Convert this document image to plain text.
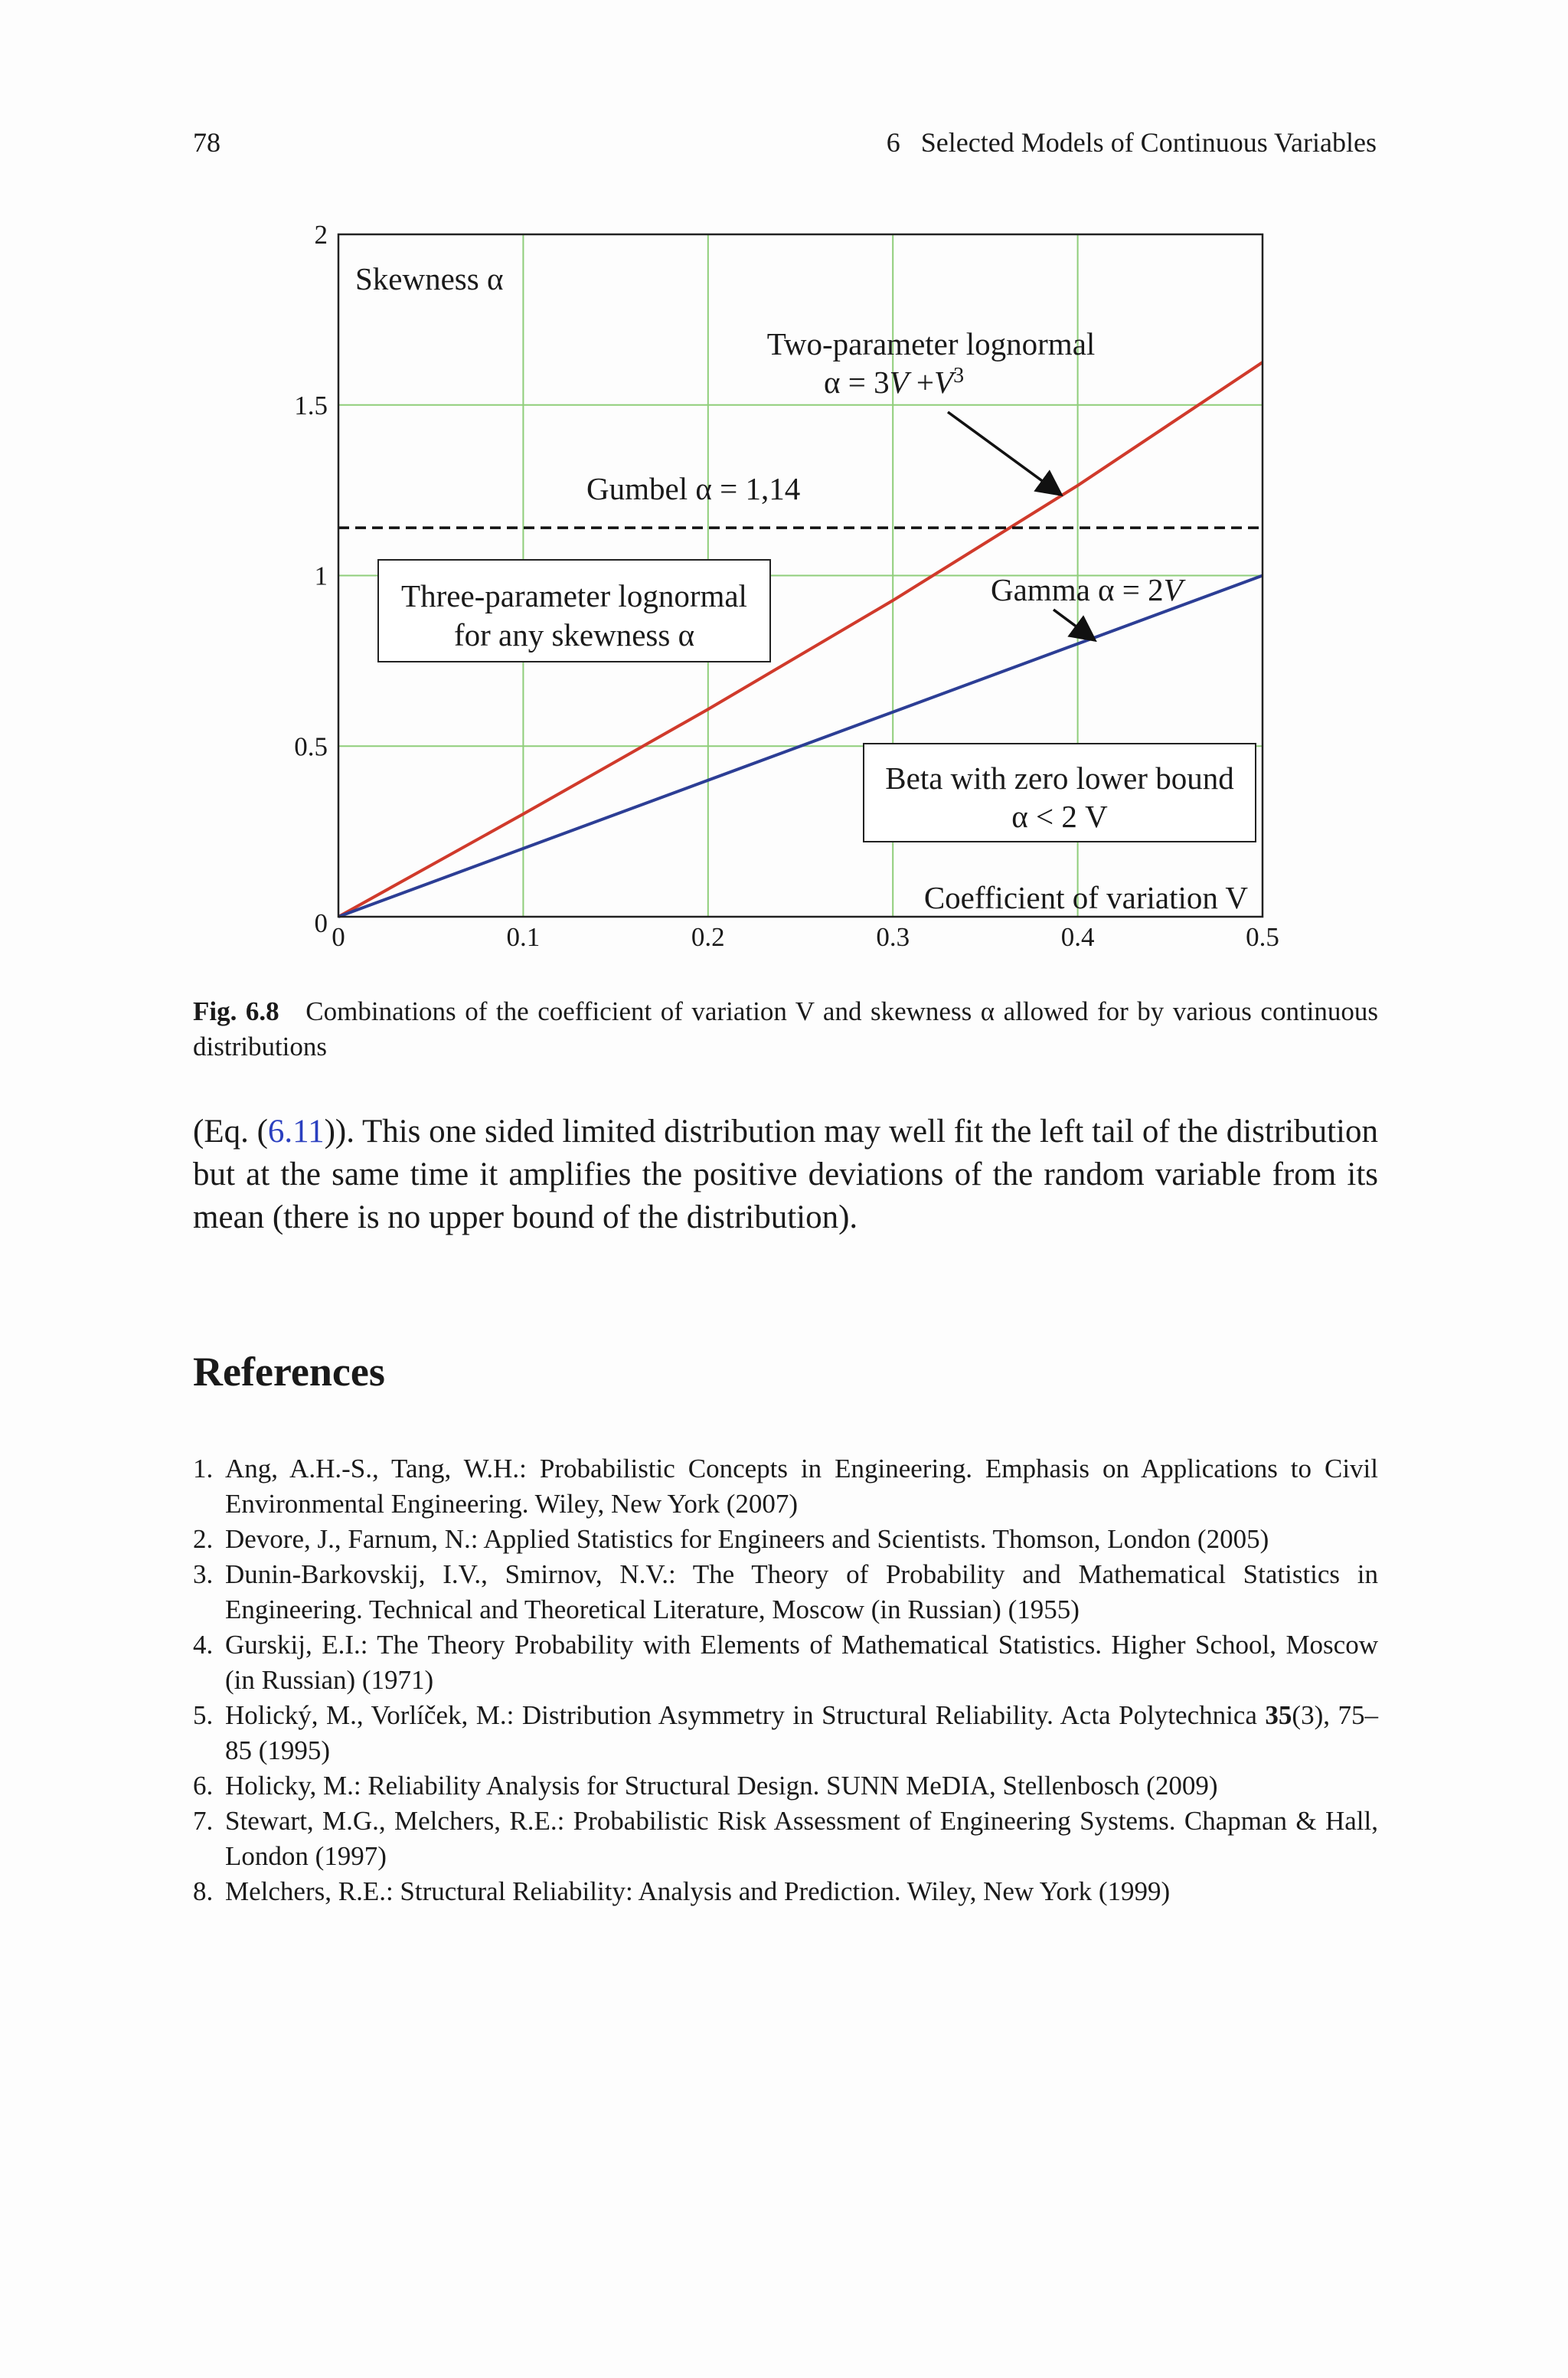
78	6   Selected Models of Continuous Variables
0	0.1	0.2	0.3	0.4	0.5
0
0.5
1
1.5
2
Three-parameter lognormal
for any skewness α
Beta with zero lower bound
α < 2 V
Skewness α
Coefficient of variation V
Two-parameter lognormal
$\alpha = 3V +V^3$
Gumbel α = 1,14
Gamma α = 2V
Fig. 6.8 Combinations of the coefficient of variation V and skewness α allowed for by various continuous distributions
(Eq. (6.11)). This one sided limited distribution may well fit the left tail of the distribution but at the same time it amplifies the positive deviations of the random variable from its mean (there is no upper bound of the distribution).
References
1. Ang, A.H.-S., Tang, W.H.: Probabilistic Concepts in Engineering. Emphasis on Applications to Civil Environmental Engineering. Wiley, New York (2007)
2. Devore, J., Farnum, N.: Applied Statistics for Engineers and Scientists. Thomson, London (2005)
3. Dunin-Barkovskij, I.V., Smirnov, N.V.: The Theory of Probability and Mathematical Statistics in Engineering. Technical and Theoretical Literature, Moscow (in Russian) (1955)
4. Gurskij, E.I.: The Theory Probability with Elements of Mathematical Statistics. Higher School, Moscow (in Russian) (1971)
5. Holický, M., Vorlíček, M.: Distribution Asymmetry in Structural Reliability. Acta Polytechnica 35(3), 75–85 (1995)
6. Holicky, M.: Reliability Analysis for Structural Design. SUNN MeDIA, Stellenbosch (2009)
7. Stewart, M.G., Melchers, R.E.: Probabilistic Risk Assessment of Engineering Systems. Chapman & Hall, London (1997)
8. Melchers, R.E.: Structural Reliability: Analysis and Prediction. Wiley, New York (1999)
